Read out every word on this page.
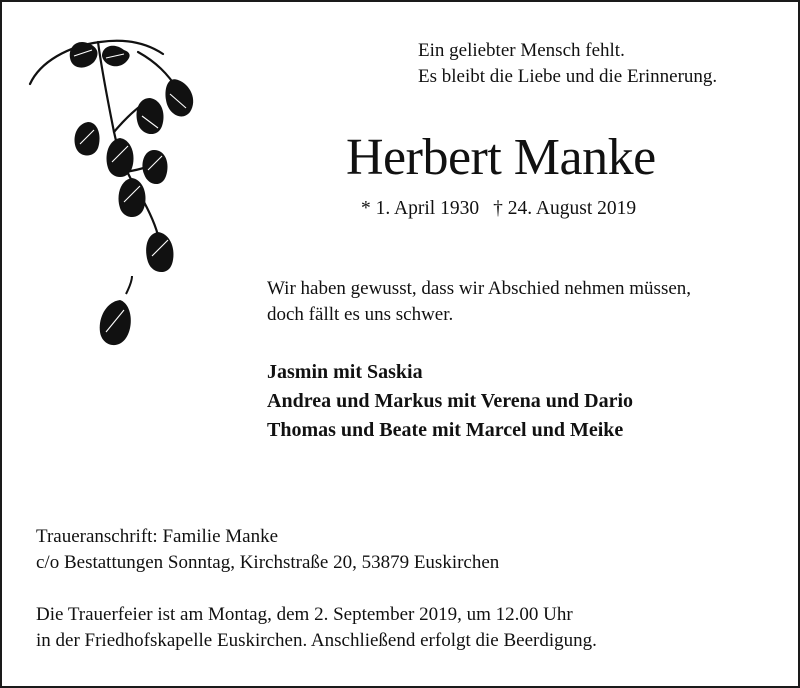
Ein geliebter Mensch fehlt.
Es bleibt die Liebe und die Erinnerung.
Herbert Manke
* 1. April 1930 † 24. August 2019
Wir haben gewusst, dass wir Abschied nehmen müssen,
doch fällt es uns schwer.
Jasmin mit Saskia
Andrea und Markus mit Verena und Dario
Thomas und Beate mit Marcel und Meike
Traueranschrift: Familie Manke
c/o Bestattungen Sonntag, Kirchstraße 20, 53879 Euskirchen
Die Trauerfeier ist am Montag, dem 2. September 2019, um 12.00 Uhr
in der Friedhofskapelle Euskirchen. Anschließend erfolgt die Beerdigung.
